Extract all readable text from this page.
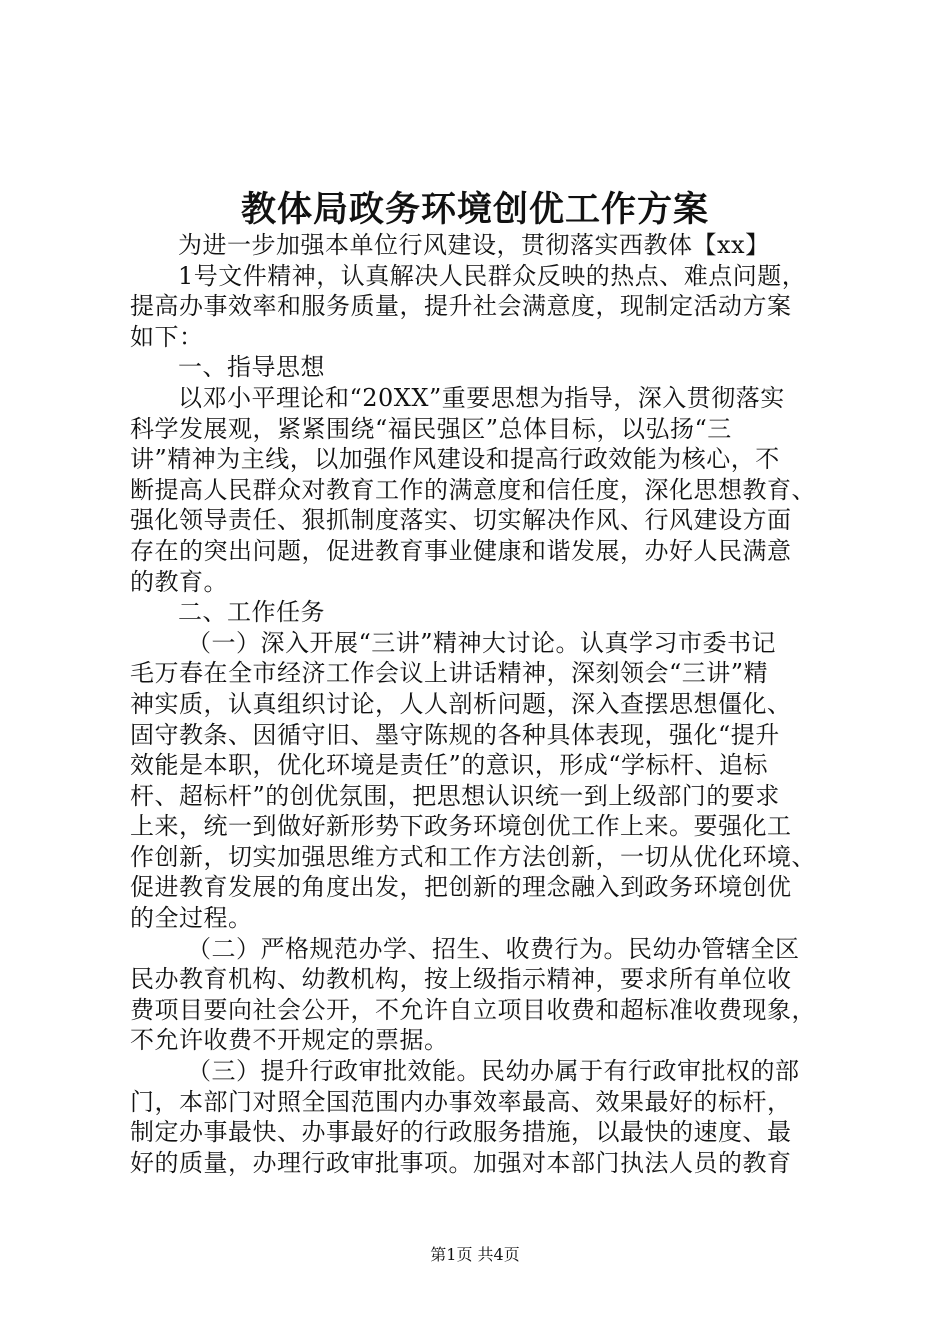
教体局政务环境创优工作方案
为进一步加强本单位行风建设，贯彻落实西教体【xx】
1号文件精神，认真解决人民群众反映的热点、难点问题，
提高办事效率和服务质量，提升社会满意度，现制定活动方案
如下：
一、指导思想
以邓小平理论和“20XX”重要思想为指导，深入贯彻落实
科学发展观，紧紧围绕“福民强区”总体目标，以弘扬“三
讲”精神为主线，以加强作风建设和提高行政效能为核心，不
断提高人民群众对教育工作的满意度和信任度，深化思想教育、
强化领导责任、狠抓制度落实、切实解决作风、行风建设方面
存在的突出问题，促进教育事业健康和谐发展，办好人民满意
的教育。
二、工作任务
（一）深入开展“三讲”精神大讨论。认真学习市委书记
毛万春在全市经济工作会议上讲话精神，深刻领会“三讲”精
神实质，认真组织讨论，人人剖析问题，深入查摆思想僵化、
固守教条、因循守旧、墨守陈规的各种具体表现，强化“提升
效能是本职，优化环境是责任”的意识，形成“学标杆、追标
杆、超标杆”的创优氛围，把思想认识统一到上级部门的要求
上来，统一到做好新形势下政务环境创优工作上来。要强化工
作创新，切实加强思维方式和工作方法创新，一切从优化环境、
促进教育发展的角度出发，把创新的理念融入到政务环境创优
的全过程。
（二）严格规范办学、招生、收费行为。民幼办管辖全区
民办教育机构、幼教机构，按上级指示精神，要求所有单位收
费项目要向社会公开，不允许自立项目收费和超标准收费现象，
不允许收费不开规定的票据。
（三）提升行政审批效能。民幼办属于有行政审批权的部
门，本部门对照全国范围内办事效率最高、效果最好的标杆，
制定办事最快、办事最好的行政服务措施，以最快的速度、最
好的质量，办理行政审批事项。加强对本部门执法人员的教育
第1页 共4页
